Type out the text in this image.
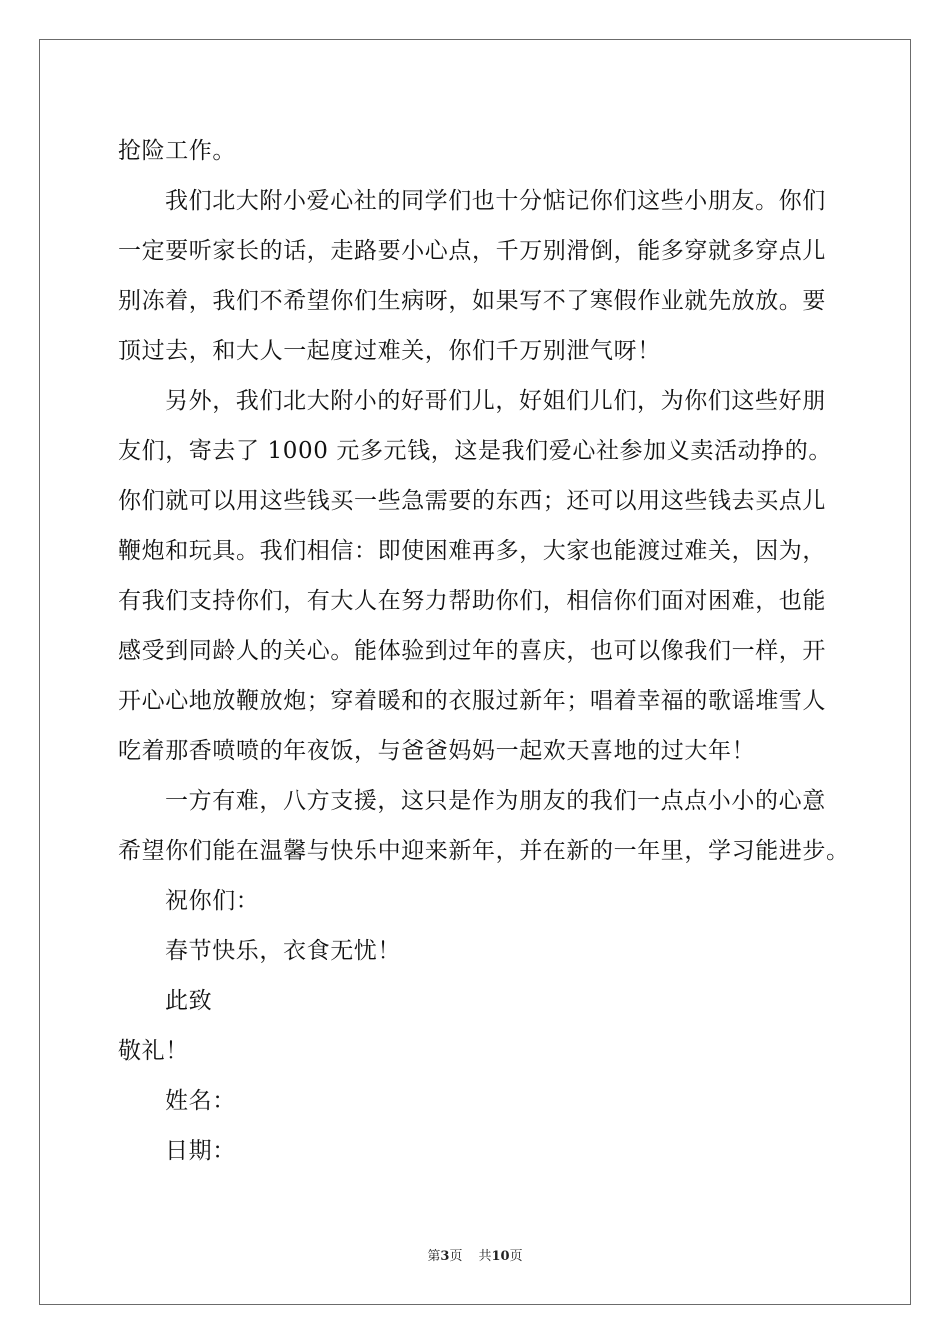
抢险工作。
我们北大附小爱心社的同学们也十分惦记你们这些小朋友。你们
一定要听家长的话，走路要小心点，千万别滑倒，能多穿就多穿点儿
别冻着，我们不希望你们生病呀，如果写不了寒假作业就先放放。要
顶过去，和大人一起度过难关，你们千万别泄气呀！
另外，我们北大附小的好哥们儿，好姐们儿们，为你们这些好朋
友们，寄去了 1000 元多元钱，这是我们爱心社参加义卖活动挣的。
你们就可以用这些钱买一些急需要的东西；还可以用这些钱去买点儿
鞭炮和玩具。我们相信：即使困难再多，大家也能渡过难关，因为，
有我们支持你们，有大人在努力帮助你们，相信你们面对困难，也能
感受到同龄人的关心。能体验到过年的喜庆，也可以像我们一样，开
开心心地放鞭放炮；穿着暖和的衣服过新年；唱着幸福的歌谣堆雪人
吃着那香喷喷的年夜饭，与爸爸妈妈一起欢天喜地的过大年！
一方有难，八方支援，这只是作为朋友的我们一点点小小的心意
希望你们能在温馨与快乐中迎来新年，并在新的一年里，学习能进步。
祝你们：
春节快乐，衣食无忧！
此致
敬礼！
姓名：
日期：
第3页 共10页
